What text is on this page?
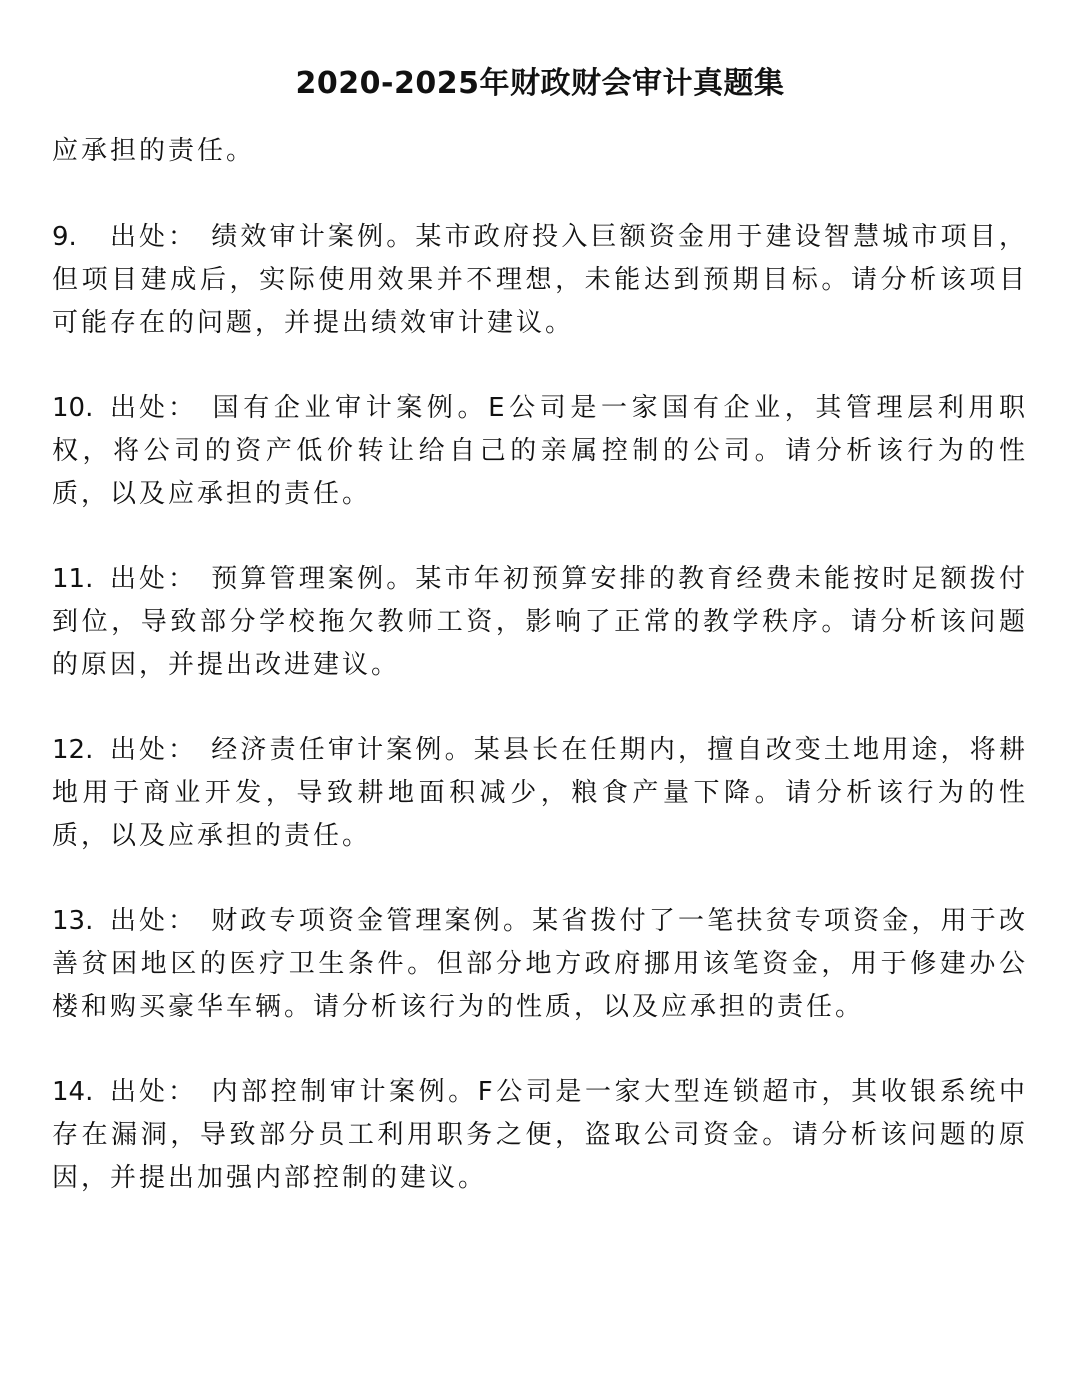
2020-2025年财政财会审计真题集

应承担的责任。

9. 出处： 绩效审计案例。某市政府投入巨额资金用于建设智慧城市项目，但项目建成后，实际使用效果并不理想，未能达到预期目标。请分析该项目可能存在的问题，并提出绩效审计建议。

10. 出处： 国有企业审计案例。E公司是一家国有企业，其管理层利用职权，将公司的资产低价转让给自己的亲属控制的公司。请分析该行为的性质，以及应承担的责任。

11. 出处： 预算管理案例。某市年初预算安排的教育经费未能按时足额拨付到位，导致部分学校拖欠教师工资，影响了正常的教学秩序。请分析该问题的原因，并提出改进建议。

12. 出处： 经济责任审计案例。某县长在任期内，擅自改变土地用途，将耕地用于商业开发，导致耕地面积减少，粮食产量下降。请分析该行为的性质，以及应承担的责任。

13. 出处： 财政专项资金管理案例。某省拨付了一笔扶贫专项资金，用于改善贫困地区的医疗卫生条件。但部分地方政府挪用该笔资金，用于修建办公楼和购买豪华车辆。请分析该行为的性质，以及应承担的责任。

14. 出处： 内部控制审计案例。F公司是一家大型连锁超市，其收银系统中存在漏洞，导致部分员工利用职务之便，盗取公司资金。请分析该问题的原因，并提出加强内部控制的建议。
